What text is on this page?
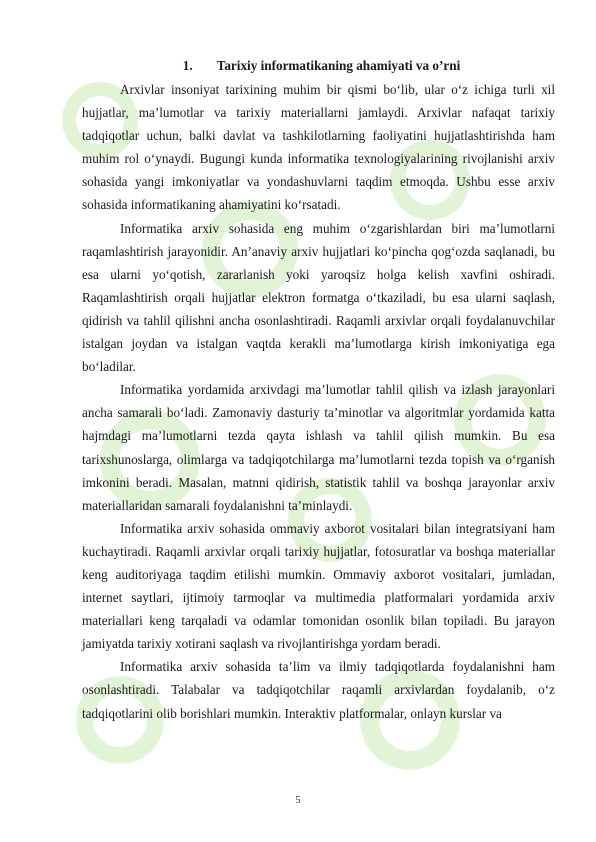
1. Tarixiy informatikaning ahamiyati va o’rni

Arxivlar insoniyat tarixining muhim bir qismi bo‘lib, ular o‘z ichiga turli xil hujjatlar, ma’lumotlar va tarixiy materiallarni jamlaydi. Arxivlar nafaqat tarixiy tadqiqotlar uchun, balki davlat va tashkilotlarning faoliyatini hujjatlashtirishda ham muhim rol o‘ynaydi. Bugungi kunda informatika texnologiyalarining rivojlanishi arxiv sohasida yangi imkoniyatlar va yondashuvlarni taqdim etmoqda. Ushbu esse arxiv sohasida informatikaning ahamiyatini ko‘rsatadi.

Informatika arxiv sohasida eng muhim o‘zgarishlardan biri ma’lumotlarni raqamlashtirish jarayonidir. An’anaviy arxiv hujjatlari ko‘pincha qog‘ozda saqlanadi, bu esa ularni yo‘qotish, zararlanish yoki yaroqsiz holga kelish xavfini oshiradi. Raqamlashtirish orqali hujjatlar elektron formatga o‘tkaziladi, bu esa ularni saqlash, qidirish va tahlil qilishni ancha osonlashtiradi. Raqamli arxivlar orqali foydalanuvchilar istalgan joydan va istalgan vaqtda kerakli ma’lumotlarga kirish imkoniyatiga ega bo‘ladilar.

Informatika yordamida arxivdagi ma’lumotlar tahlil qilish va izlash jarayonlari ancha samarali bo‘ladi. Zamonaviy dasturiy ta’minotlar va algoritmlar yordamida katta hajmdagi ma’lumotlarni tezda qayta ishlash va tahlil qilish mumkin. Bu esa tarixshunoslarga, olimlarga va tadqiqotchilarga ma’lumotlarni tezda topish va o‘rganish imkonini beradi. Masalan, matnni qidirish, statistik tahlil va boshqa jarayonlar arxiv materiallaridan samarali foydalanishni ta’minlaydi.

Informatika arxiv sohasida ommaviy axborot vositalari bilan integratsiyani ham kuchaytiradi. Raqamli arxivlar orqali tarixiy hujjatlar, fotosuratlar va boshqa materiallar keng auditoriyaga taqdim etilishi mumkin. Ommaviy axborot vositalari, jumladan, internet saytlari, ijtimoiy tarmoqlar va multimedia platformalari yordamida arxiv materiallari keng tarqaladi va odamlar tomonidan osonlik bilan topiladi. Bu jarayon jamiyatda tarixiy xotirani saqlash va rivojlantirishga yordam beradi.

Informatika arxiv sohasida ta’lim va ilmiy tadqiqotlarda foydalanishni ham osonlashtiradi. Talabalar va tadqiqotchilar raqamli arxivlardan foydalanib, o‘z tadqiqotlarini olib borishlari mumkin. Interaktiv platformalar, onlayn kurslar va

5
